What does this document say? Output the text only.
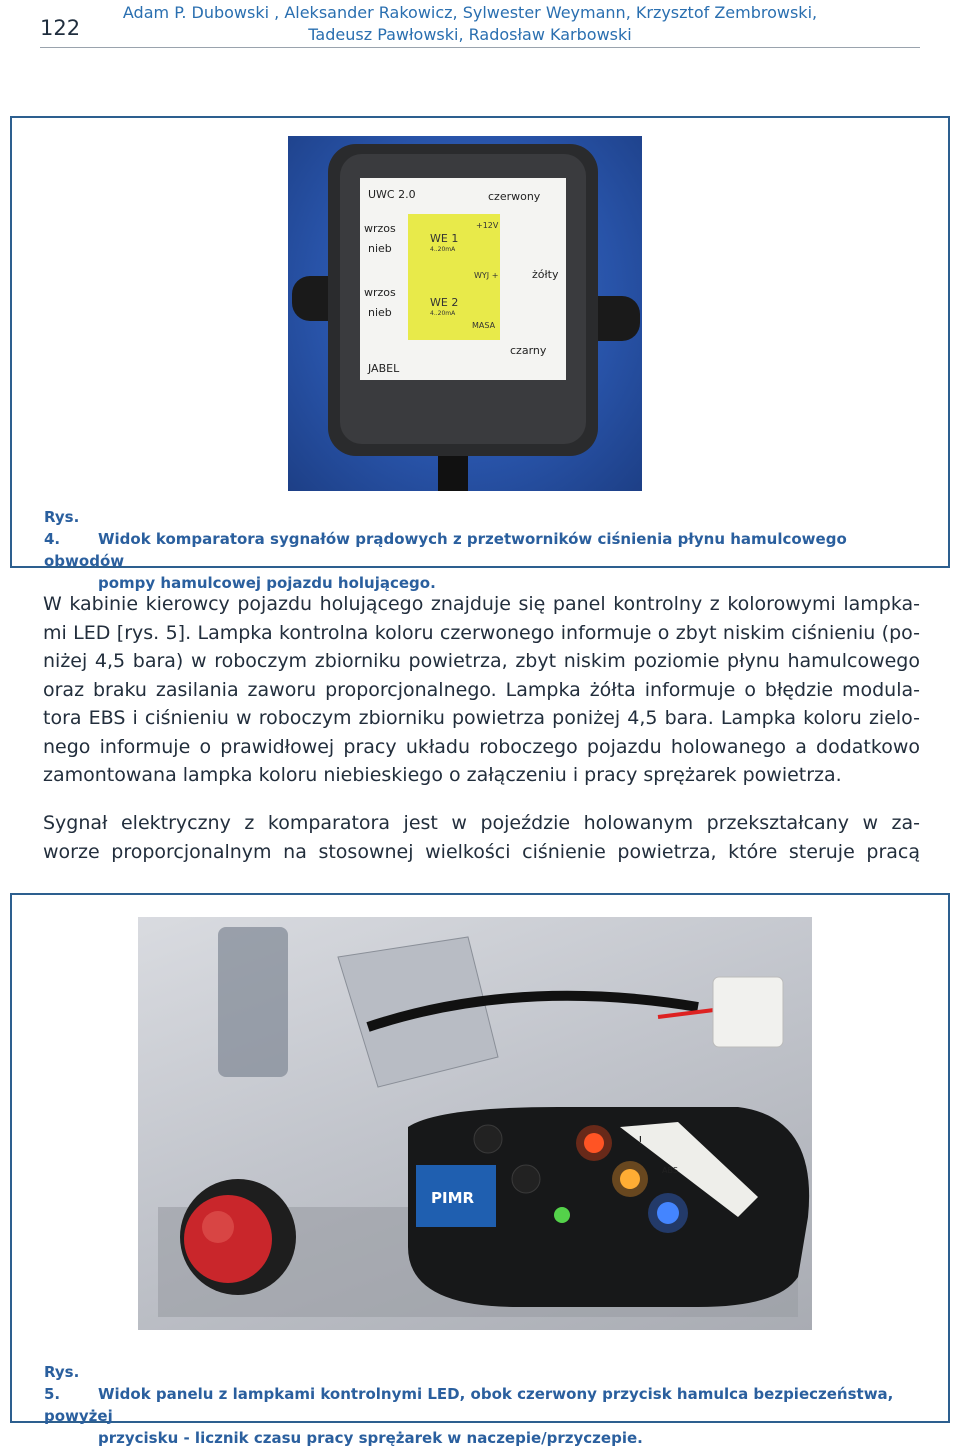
122
Adam P. Dubowski , Aleksander Rakowicz, Sylwester Weymann, Krzysztof Zembrowski,
Tadeusz Pawłowski, Radosław Karbowski
UWC 2.0
wrzos
nieb
WE 1
4..20mA
wrzos
nieb
WE 2
4..20mA
czerwony
+12V
WYJ +	żółty
MASA
czarny
JABEL
Rys. 4.	Widok komparatora sygnałów prądowych z przetworników ciśnienia płynu hamulcowego obwodów
pompy hamulcowej pojazdu holującego.
W kabinie kierowcy pojazdu holującego znajduje się panel kontrolny z kolorowymi lampka-
mi LED [rys. 5]. Lampka kontrolna koloru czerwonego informuje o zbyt niskim ciśnieniu (po-
niżej 4,5 bara) w roboczym zbiorniku powietrza, zbyt niskim poziomie płynu hamulcowego
oraz braku zasilania zaworu proporcjonalnego. Lampka żółta informuje o błędzie modula-
tora EBS i ciśnieniu w roboczym zbiorniku powietrza poniżej 4,5 bara. Lampka koloru zielo-
nego informuje o prawidłowej pracy układu roboczego pojazdu holowanego a dodatkowo
zamontowana lampka koloru niebieskiego o załączeniu i pracy sprężarek powietrza.
Sygnał elektryczny z komparatora jest w pojeździe holowanym przekształcany w za-
worze proporcjonalnym na stosownej wielkości ciśnienie powietrza, które steruje pracą
PIMR
!
ABS
Rys. 5.	Widok panelu z lampkami kontrolnymi LED, obok czerwony przycisk hamulca bezpieczeństwa, powyżej
przycisku - licznik czasu pracy sprężarek w naczepie/przyczepie.
